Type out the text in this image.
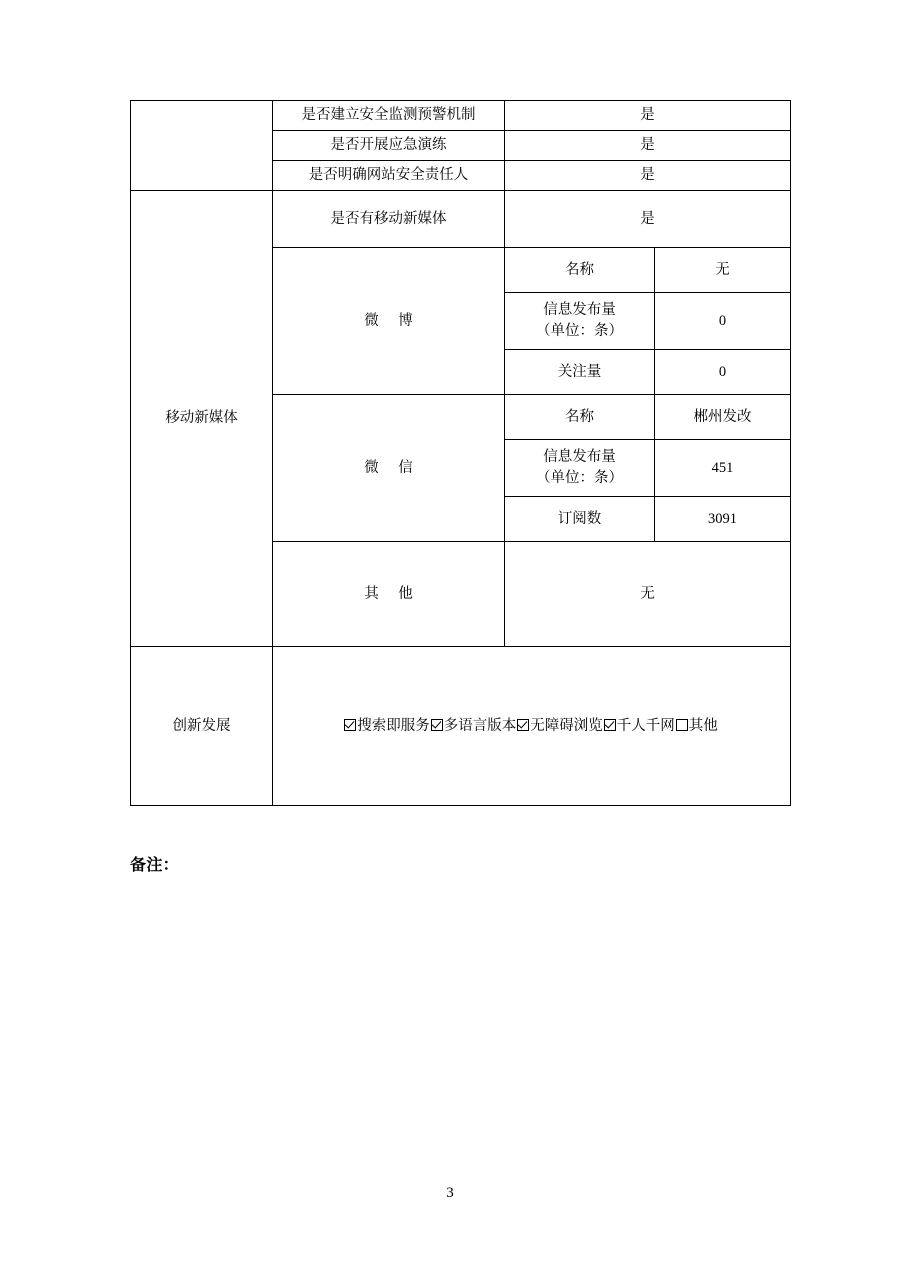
	是否建立安全监测预警机制	是	
	是否开展应急演练	是	
	是否明确网站安全责任人	是	
移动新媒体	是否有移动新媒体	是	
	微 博	名称	无

		信息发布量
（单位：条）	0
		关注量	0
	微 信	名称	郴州发改

		信息发布量
（单位：条）	451
		订阅数	3091
	其 他	无	
创新发展	搜索即服务 多语言版本 无障碍浏览 千人千网 其他		
备注：
3
